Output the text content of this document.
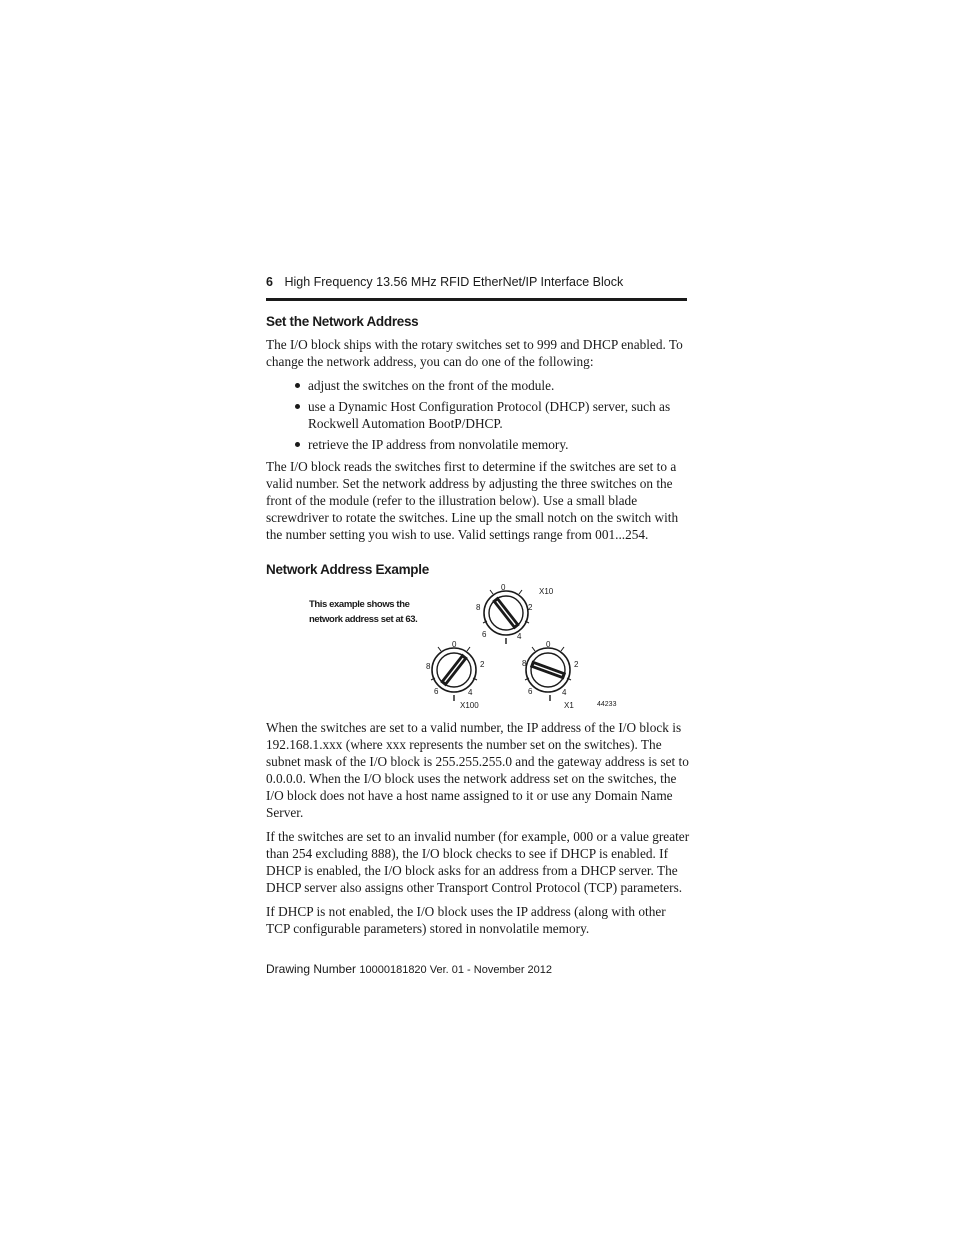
6 High Frequency 13.56 MHz RFID EtherNet/IP Interface Block
Set the Network Address

The I/O block ships with the rotary switches set to 999 and DHCP enabled. To change the network address, you can do one of the following:

adjust the switches on the front of the module.
use a Dynamic Host Configuration Protocol (DHCP) server, such as Rockwell Automation BootP/DHCP.
retrieve the IP address from nonvolatile memory.

The I/O block reads the switches first to determine if the switches are set to a valid number. Set the network address by adjusting the three switches on the front of the module (refer to the illustration below). Use a small blade screwdriver to rotate the switches. Line up the small notch on the switch with the number setting you wish to use. Valid settings range from 001...254.

Network Address Example

This example shows the network address set at 63.

0
2
4
6
8
X10
0
2
4
6
8
X100
0
2
4
6
8
X1	44233

When the switches are set to a valid number, the IP address of the I/O block is 192.168.1.xxx (where xxx represents the number set on the switches). The subnet mask of the I/O block is 255.255.255.0 and the gateway address is set to 0.0.0.0. When the I/O block uses the network address set on the switches, the I/O block does not have a host name assigned to it or use any Domain Name Server.

If the switches are set to an invalid number (for example, 000 or a value greater than 254 excluding 888), the I/O block checks to see if DHCP is enabled. If DHCP is enabled, the I/O block asks for an address from a DHCP server. The DHCP server also assigns other Transport Control Protocol (TCP) parameters.

If DHCP is not enabled, the I/O block uses the IP address (along with other TCP configurable parameters) stored in nonvolatile memory.

Drawing Number 10000181820 Ver. 01 - November 2012
